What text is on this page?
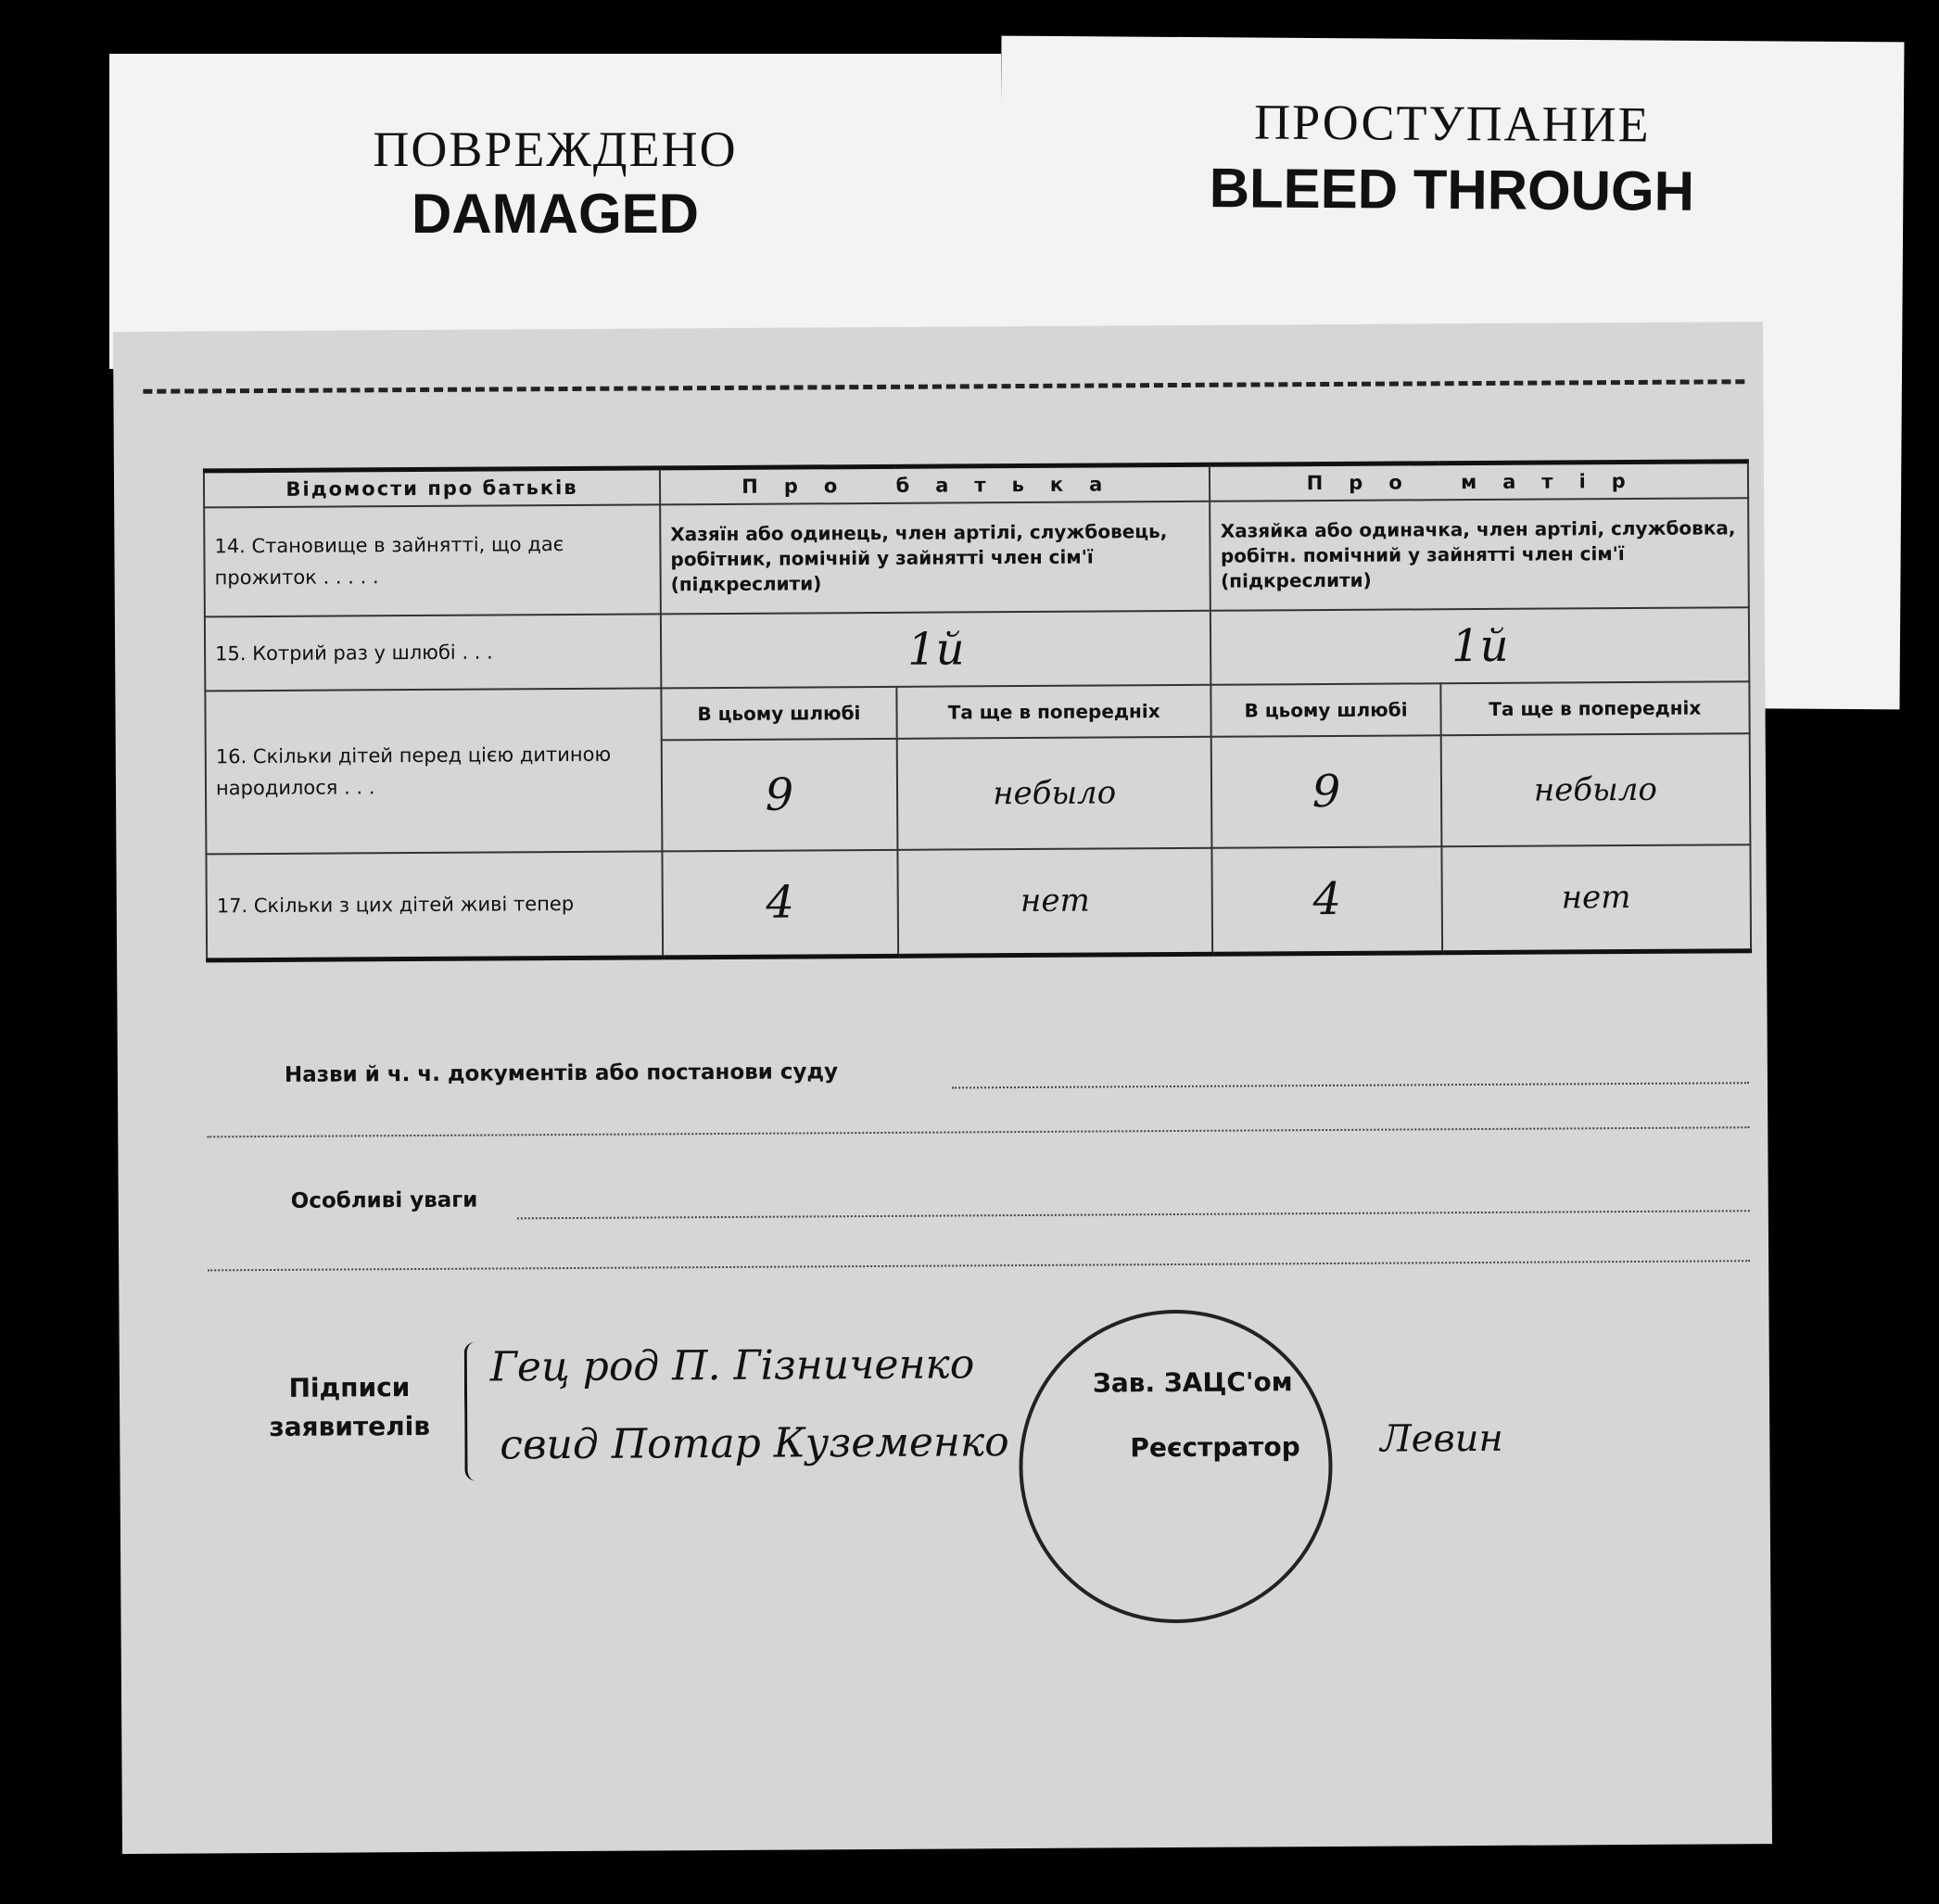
ПОВРЕЖДЕНО
DAMAGED
ПРОСТУПАНИЕ
BLEED THROUGH
Відомости про батьків	Про батька		Про матір	
14. Становище в зайнятті, що дає прожиток . . . . .	Хазяїн або одинець, член артілі, службовець, робітник, помічній у зайнятті член сім'ї (підкреслити)		Хазяйка або одиначка, член артілі, службовка, робітн. помічний у зайнятті член сім'ї (підкреслити)	
15. Котрий раз у шлюбі . . .	1й		1й	
16. Скільки дітей перед цією дитиною народилося . . .	В цьому шлюбі	Та ще в попередніх	В цьому шлюбі	Та ще в попередніх
	9	небыло	9	небыло
17. Скільки з цих дітей живі тепер	4	нет	4	нет
Назви й ч. ч. документів або постанови суду
Особливі уваги
Підписи заявителів
Гец род П. Гізниченко
свид Потар Куземенко
Зав. ЗАЦС'ом
Реєстратор Левин
